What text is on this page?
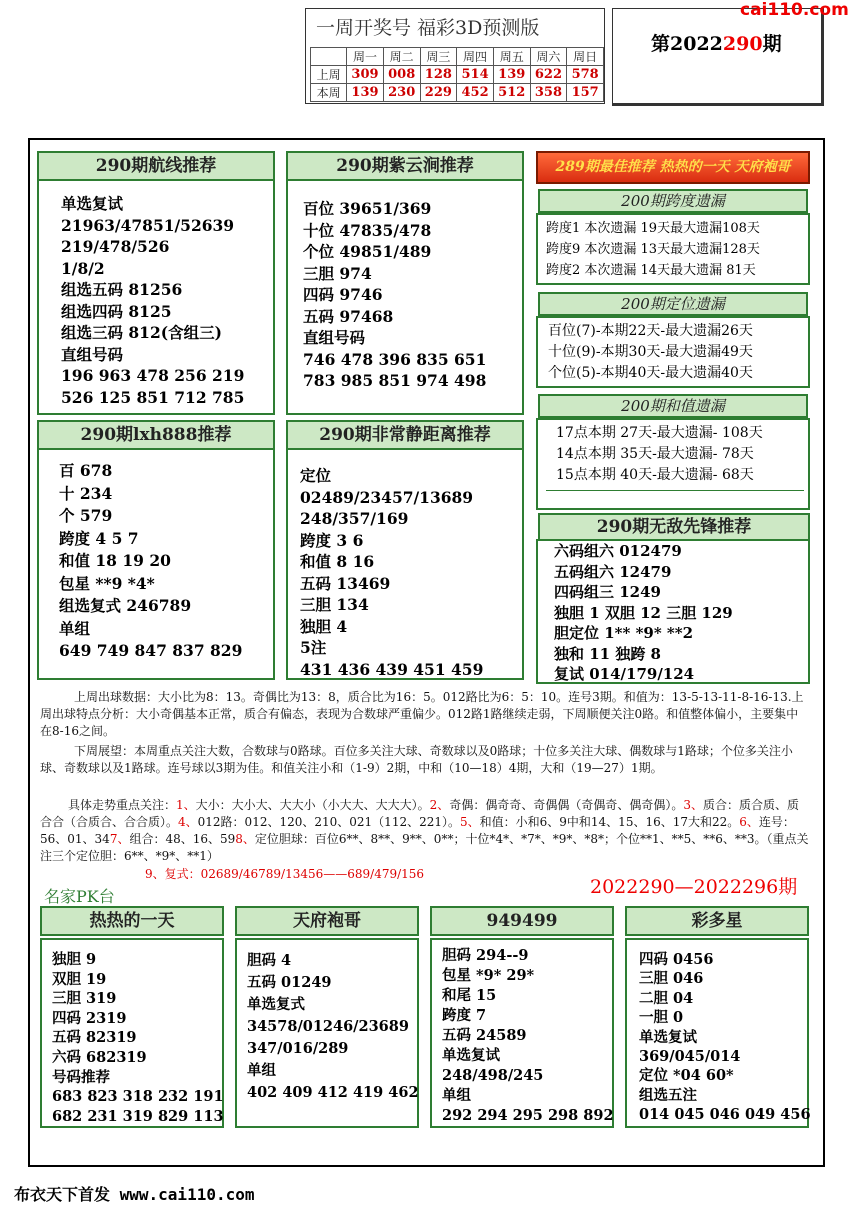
一周开奖号 福彩3D预测版
	周一	周二	周三	周四	周五	周六	周日
上周	309	008	128	514	139	622	578
本周	139	230	229	452	512	358	157
第2022290期
cai110.com
290期航线推荐
单选复试
21963/47851/52639
219/478/526
1/8/2
组选五码 81256
组选四码 8125
组选三码 812(含组三)
直组号码
196 963 478 256 219
526 125 851 712 785
290期紫云涧推荐
百位 39651/369
十位 47835/478
个位 49851/489
三胆 974
四码 9746
五码 97468
直组号码
746 478 396 835 651
783 985 851 974 498
289期最佳推荐 热热的一天 天府袍哥
200期跨度遗漏
跨度1 本次遗漏 19天最大遗漏108天
跨度9 本次遗漏 13天最大遗漏128天
跨度2 本次遗漏 14天最大遗漏 81天
200期定位遗漏
百位(7)-本期22天-最大遗漏26天
十位(9)-本期30天-最大遗漏49天
个位(5)-本期40天-最大遗漏40天
200期和值遗漏
17点本期 27天-最大遗漏- 108天
14点本期 35天-最大遗漏- 78天
15点本期 40天-最大遗漏- 68天
290期lxh888推荐
百 678
十 234
个 579
跨度 4 5 7
和值 18 19 20
包星 **9 *4*
组选复式 246789
单组
649 749 847 837 829
290期非常静距离推荐
定位
02489/23457/13689
248/357/169
跨度 3 6
和值 8 16
五码 13469
三胆 134
独胆 4
5注
431 436 439 451 459
290期无敌先锋推荐
六码组六 012479
五码组六 12479
四码组三 1249
独胆 1 双胆 12 三胆 129
胆定位 1** *9* **2
独和 11 独跨 8
复试 014/179/124
上周出球数据：大小比为8：13。奇偶比为13：8，质合比为16：5。012路比为6：5：10。连号3期。和值为：13-5-13-11-8-16-13.上周出球特点分析：大小奇偶基本正常，质合有偏态，表现为合数球严重偏少。012路1路继续走弱，下周顺便关注0路。和值整体偏小，主要集中在8-16之间。
下周展望：本周重点关注大数，合数球与0路球。百位多关注大球、奇数球以及0路球；十位多关注大球、偶数球与1路球；个位多关注小球、奇数球以及1路球。连号球以3期为佳。和值关注小和（1-9）2期，中和（10—18）4期，大和（19—27）1期。
具体走势重点关注：1、大小：大小大、大大小（小大大、大大大）。2、奇偶：偶奇奇、奇偶偶（奇偶奇、偶奇偶）。3、质合：质合质、质合合（合质合、合合质）。4、012路：012、120、210、021（112、221）。5、和值：小和6、9中和14、15、16、17大和22。6、连号：56、01、347、组合：48、16、598、定位胆球：百位6**、8**、9**、0**；十位*4*、*7*、*9*、*8*；个位**1、**5、**6、**3。（重点关注三个定位胆：6**、*9*、**1）
9、复式：02689/46789/13456——689/479/156
名家PK台	2022290—2022296期
热热的一天
独胆 9
双胆 19
三胆 319
四码 2319
五码 82319
六码 682319
号码推荐
683 823 318 232 191
682 231 319 829 113
天府袍哥
胆码 4
五码 01249
单选复式
34578/01246/23689
347/016/289
单组
402 409 412 419 462
949499
胆码 294--9
包星 *9* 29*
和尾 15
跨度 7
五码 24589
单选复试
248/498/245
单组
292 294 295 298 892
彩多星
四码 0456
三胆 046
二胆 04
一胆 0
单选复试
369/045/014
定位 *04 60*
组选五注
014 045 046 049 456
布衣天下首发 www.cai110.com
